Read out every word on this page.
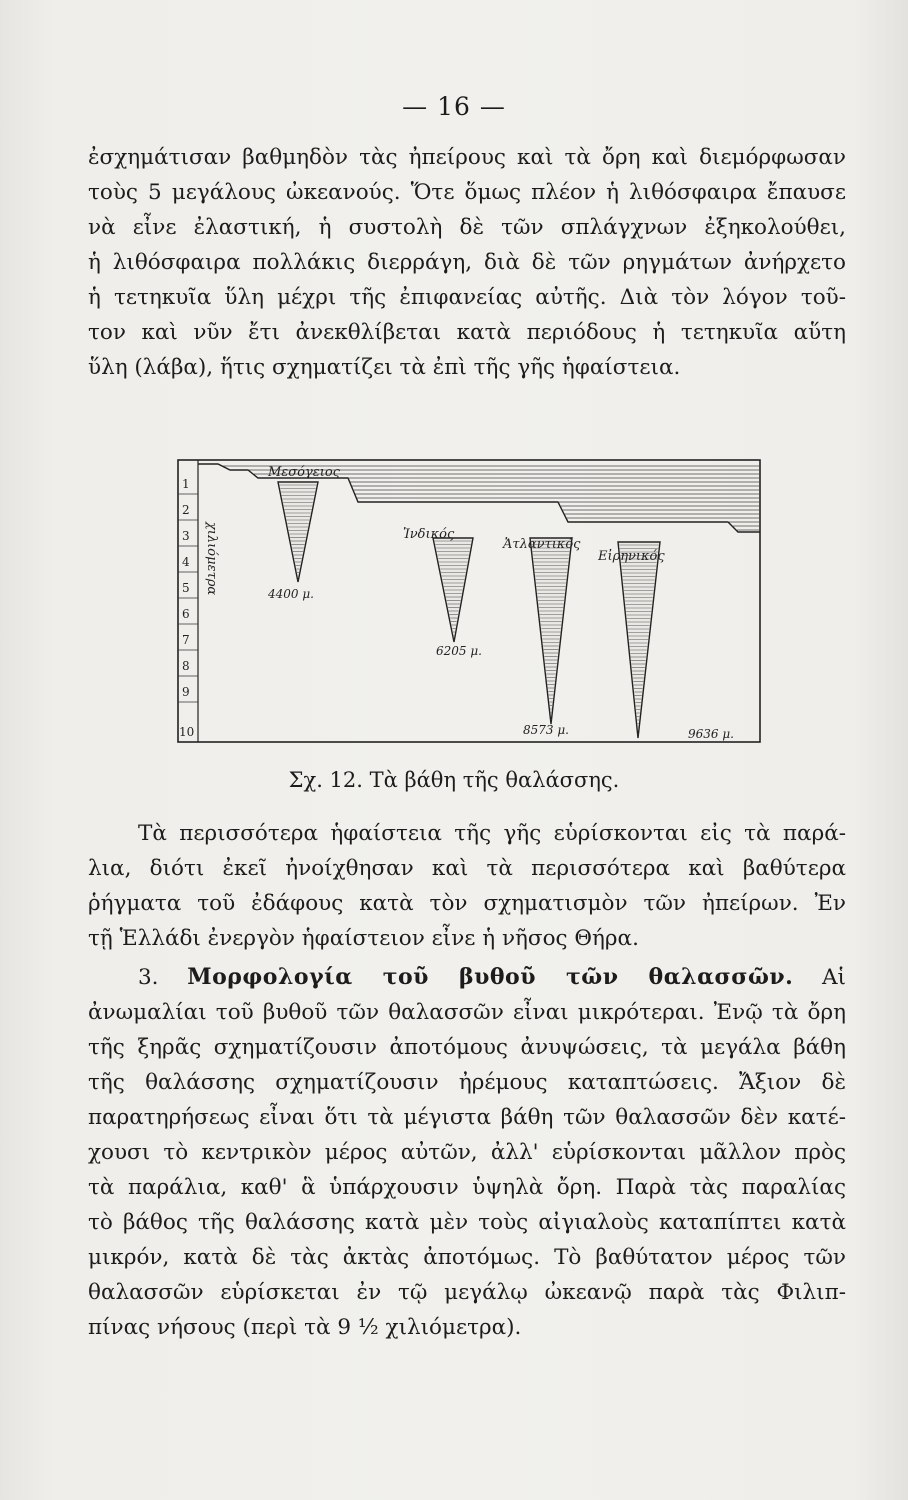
— 16 —
ἐσχημάτισαν βαθμηδὸν τὰς ἠπείρους καὶ τὰ ὄρη καὶ διεμόρφωσαν
τοὺς 5 μεγάλους ὠκεανούς. Ὅτε ὅμως πλέον ἡ λιθόσφαιρα ἔπαυσε
νὰ εἶνε ἐλαστική, ἡ συστολὴ δὲ τῶν σπλάγχνων ἐξηκολούθει,
ἡ λιθόσφαιρα πολλάκις διερράγη, διὰ δὲ τῶν ρηγμάτων ἀνήρχετο
ἡ τετηκυῖα ὕλη μέχρι τῆς ἐπιφανείας αὐτῆς. Διὰ τὸν λόγον τοῦ-
τον καὶ νῦν ἔτι ἀνεκθλίβεται κατὰ περιόδους ἡ τετηκυῖα αὕτη
ὕλη (λάβα), ἥτις σχηματίζει τὰ ἐπὶ τῆς γῆς ἡφαίστεια.
1
2
3
4
5
6
7
8
9
10
χιλιόμετρα
Μεσόγειος
Ἰνδικός
Ἀτλαντικός
Εἰρηνικός
4400 μ.
6205 μ.
8573 μ.	9636 μ.
Σχ. 12. Τὰ βάθη τῆς θαλάσσης.
Τὰ περισσότερα ἡφαίστεια τῆς γῆς εὑρίσκονται εἰς τὰ παρά-
λια, διότι ἐκεῖ ἠνοίχθησαν καὶ τὰ περισσότερα καὶ βαθύτερα
ῥήγματα τοῦ ἐδάφους κατὰ τὸν σχηματισμὸν τῶν ἠπείρων. Ἐν
τῇ Ἑλλάδι ἐνεργὸν ἡφαίστειον εἶνε ἡ νῆσος Θήρα.
3. Μορφολογία τοῦ βυθοῦ τῶν θαλασσῶν. Αἱ
ἀνωμαλίαι τοῦ βυθοῦ τῶν θαλασσῶν εἶναι μικρότεραι. Ἐνῷ τὰ ὄρη
τῆς ξηρᾶς σχηματίζουσιν ἀποτόμους ἀνυψώσεις, τὰ μεγάλα βάθη
τῆς θαλάσσης σχηματίζουσιν ἠρέμους καταπτώσεις. Ἄξιον δὲ
παρατηρήσεως εἶναι ὅτι τὰ μέγιστα βάθη τῶν θαλασσῶν δὲν κατέ-
χουσι τὸ κεντρικὸν μέρος αὐτῶν, ἀλλ' εὑρίσκονται μᾶλλον πρὸς
τὰ παράλια, καθ' ἃ ὑπάρχουσιν ὑψηλὰ ὄρη. Παρὰ τὰς παραλίας
τὸ βάθος τῆς θαλάσσης κατὰ μὲν τοὺς αἰγιαλοὺς καταπίπτει κατὰ
μικρόν, κατὰ δὲ τὰς ἀκτὰς ἀποτόμως. Τὸ βαθύτατον μέρος τῶν
θαλασσῶν εὑρίσκεται ἐν τῷ μεγάλῳ ὠκεανῷ παρὰ τὰς Φιλιπ-
πίνας νήσους (περὶ τὰ 9 ½ χιλιόμετρα).
